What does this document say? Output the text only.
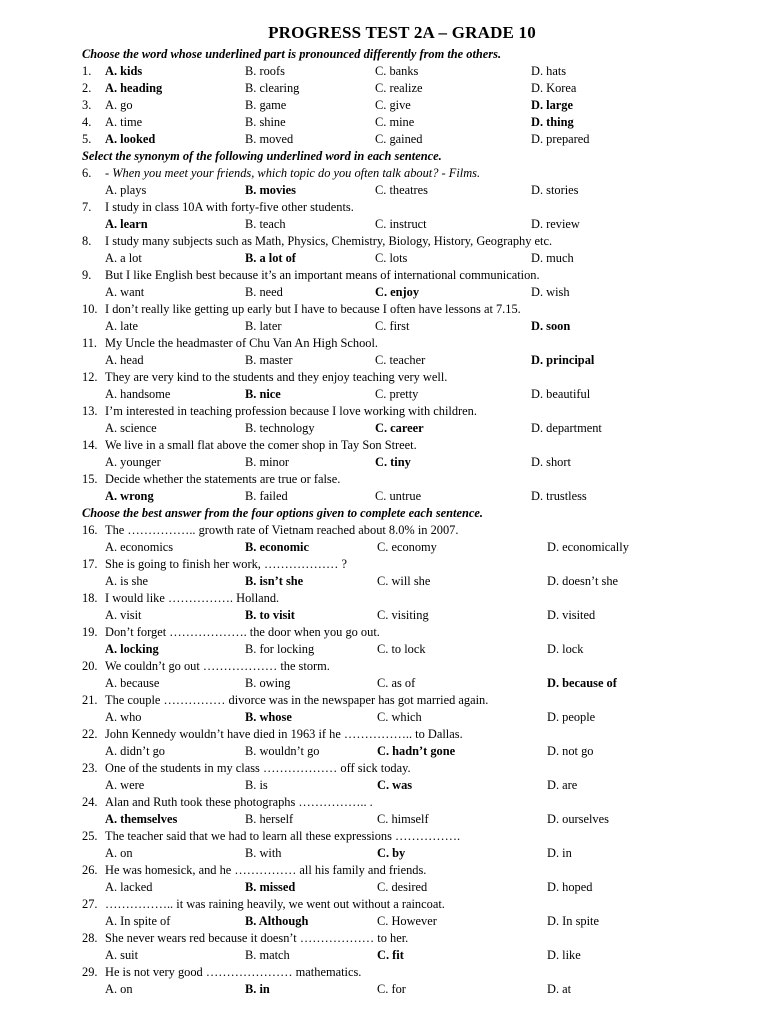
PROGRESS TEST 2A – GRADE 10
Choose the word whose underlined part is pronounced differently from the others.
1. A. kids	B. roofs	C. banks	D. hats
2. A. heading	B. clearing	C. realize	D. Korea
3. A. go	B. game	C. give	D. large
4. A. time	B. shine	C. mine	D. thing
5. A. looked	B. moved	C. gained	D. prepared
Select the synonym of the following underlined word in each sentence.
6. - When you meet your friends, which topic do you often talk about? - Films.
A. plays	B. movies	C. theatres	D. stories
7. I study in class 10A with forty-five other students.
A. learn	B. teach	C. instruct	D. review
8. I study many subjects such as Math, Physics, Chemistry, Biology, History, Geography etc.
A. a lot	B. a lot of	C. lots	D. much
9. But I like English best because it’s an important means of international communication.
A. want	B. need	C. enjoy	D. wish
10. I don’t really like getting up early but I have to because I often have lessons at 7.15.
A. late	B. later	C. first	D. soon
11. My Uncle the headmaster of Chu Van An High School.
A. head	B. master	C. teacher	D. principal
12. They are very kind to the students and they enjoy teaching very well.
A. handsome	B. nice	C. pretty	D. beautiful
13. I’m interested in teaching profession because I love working with children.
A. science	B. technology	C. career	D. department
14. We live in a small flat above the comer shop in Tay Son Street.
A. younger	B. minor	C. tiny	D. short
15. Decide whether the statements are true or false.
A. wrong	B. failed	C. untrue	D. trustless
Choose the best answer from the four options given to complete each sentence.
16. The …………….. growth rate of Vietnam reached about 8.0% in 2007.
A. economics	B. economic	C. economy	D. economically
17. She is going to finish her work, ……………… ?
A. is she	B. isn’t she	C. will she	D. doesn’t she
18. I would like ……………. Holland.
A. visit	B. to visit	C. visiting	D. visited
19. Don’t forget ………………. the door when you go out.
A. locking	B. for locking	C. to lock	D. lock
20. We couldn’t go out ……………… the storm.
A. because	B. owing	C. as of	D. because of
21. The couple …………… divorce was in the newspaper has got married again.
A. who	B. whose	C. which	D. people
22. John Kennedy wouldn’t have died in 1963 if he …………….. to Dallas.
A. didn’t go	B. wouldn’t go	C. hadn’t gone	D. not go
23. One of the students in my class ……………… off sick today.
A. were	B. is	C. was	D. are
24. Alan and Ruth took these photographs …………….. .
A. themselves	B. herself	C. himself	D. ourselves
25. The teacher said that we had to learn all these expressions …………….
A. on	B. with	C. by	D. in
26. He was homesick, and he …………… all his family and friends.
A. lacked	B. missed	C. desired	D. hoped
27. …………….. it was raining heavily, we went out without a raincoat.
A. In spite of	B. Although	C. However	D. In spite
28. She never wears red because it doesn’t ……………… to her.
A. suit	B. match	C. fit	D. like
29. He is not very good ………………… mathematics.
A. on	B. in	C. for	D. at
